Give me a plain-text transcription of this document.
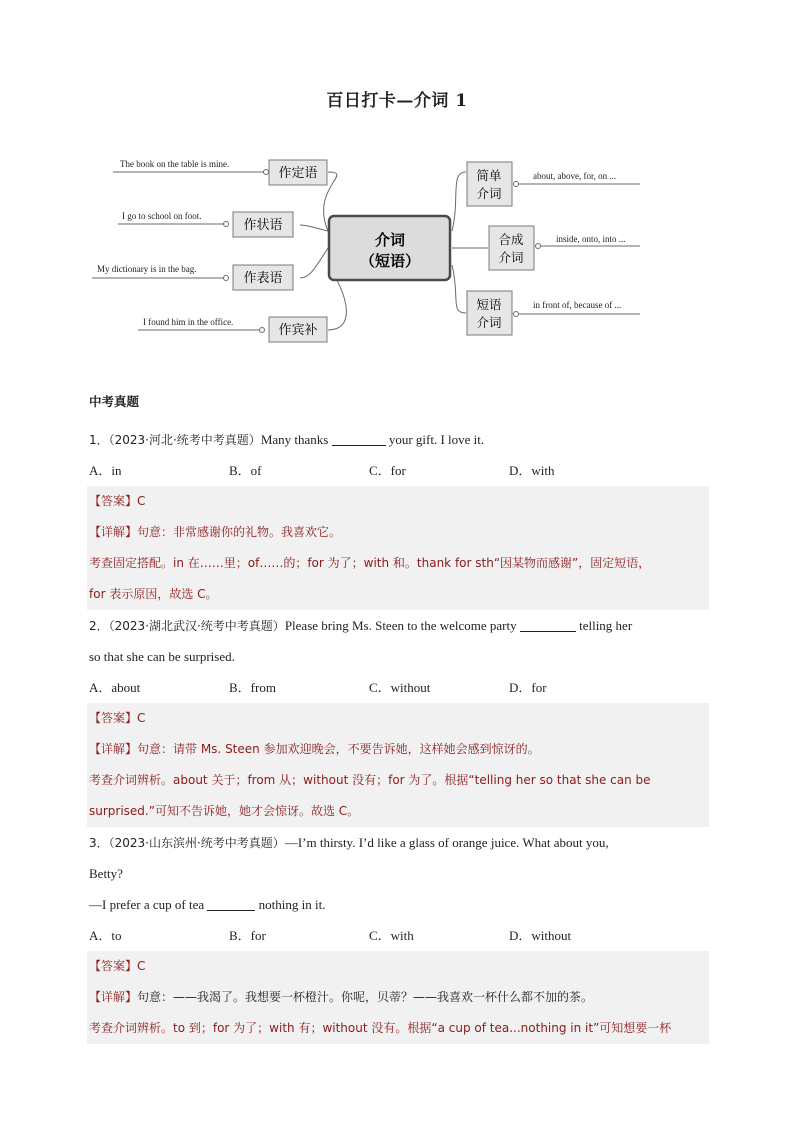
百日打卡—介词 1
作定语
作状语
作表语
作宾补
介词
（短语）
简单
介词
合成
介词
短语
介词
The book on the table is mine.
I go to school on foot.
My dictionary is in the bag.
I found him in the office.
about, above, for, on ...
inside, onto, into ...
in front of, because of ...
中考真题
1．（2023·河北·统考中考真题）Many thanks	your gift. I love it.
A．in	B．of	C．for	D．with
【答案】C
【详解】句意：非常感谢你的礼物。我喜欢它。
考查固定搭配。in 在……里；of……的；for 为了；with 和。thank for sth“因某物而感谢”，固定短语，
for 表示原因，故选 C。
2．（2023·湖北武汉·统考中考真题）Please bring Ms. Steen to the welcome party	telling her
so that she can be surprised.
A．about	B．from	C．without	D．for
【答案】C
【详解】句意：请带 Ms. Steen 参加欢迎晚会，不要告诉她，这样她会感到惊讶的。
考查介词辨析。about 关于；from 从；without 没有；for 为了。根据“telling her so that she can be
surprised.”可知不告诉她，她才会惊讶。故选 C。
3．（2023·山东滨州·统考中考真题）—I’m thirsty. I’d like a glass of orange juice. What about you,
Betty?
—I prefer a cup of tea	nothing in it.
A．to	B．for	C．with	D．without
【答案】C
【详解】句意：——我渴了。我想要一杯橙汁。你呢，贝蒂？——我喜欢一杯什么都不加的茶。
考查介词辨析。to 到；for 为了；with 有；without 没有。根据“a cup of tea...nothing in it”可知想要一杯
